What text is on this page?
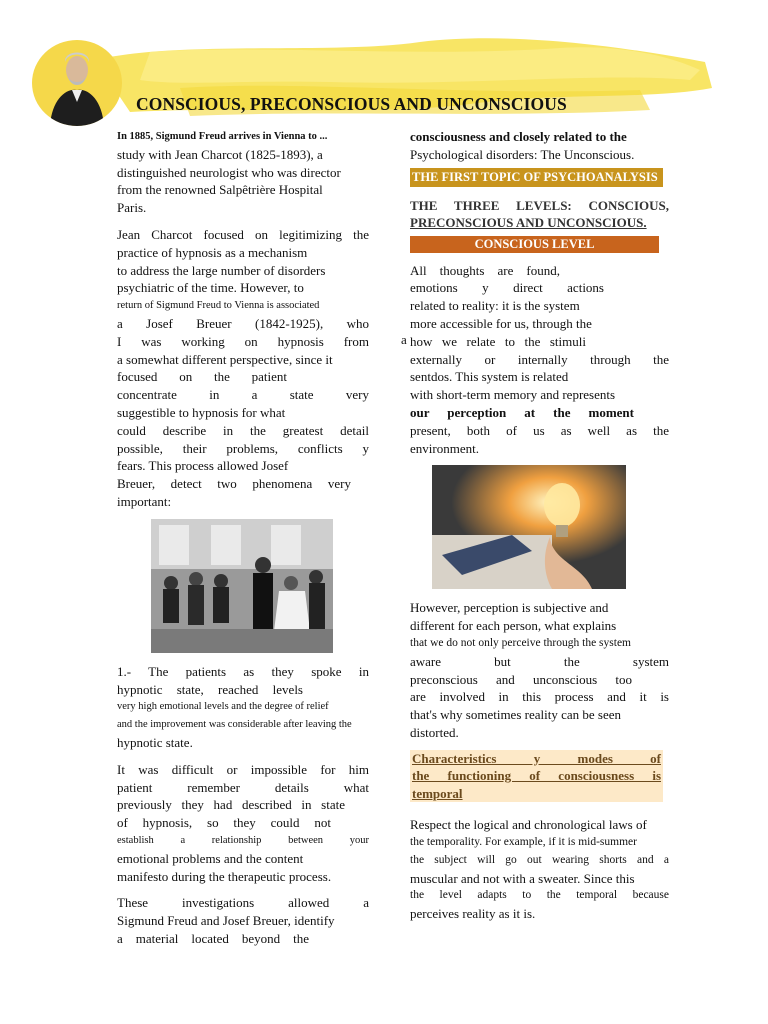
CONSCIOUS, PRECONSCIOUS AND UNCONSCIOUS

In 1885, Sigmund Freud arrives in Vienna to ...

study with Jean Charcot (1825-1893), a

distinguished neurologist who was director

from the renowned Salpêtrière Hospital

Paris.

Jean Charcot focused on legitimizing the

practice of hypnosis as a mechanism

to address the large number of disorders

psychiatric of the time. However, to

return of Sigmund Freud to Vienna is associated

a Josef Breuer (1842-1925), who

I was working on hypnosis from

a somewhat different perspective, since it

focused on the patient

concentrate in a state very

suggestible to hypnosis for what

could describe in the greatest detail

possible, their problems, conflicts y

fears. This process allowed Josef

Breuer, detect two phenomena very

important:

1.- The patients as they spoke in

hypnotic state, reached levels

very high emotional levels and the degree of relief

and the improvement was considerable after leaving the

hypnotic state.

It was difficult or impossible for him

patient remember details what

previously they had described in state

of hypnosis, so they could not

establish a relationship between your

emotional problems and the content

manifesto during the therapeutic process.

These investigations allowed a

Sigmund Freud and Josef Breuer, identify

a material located beyond the

a

consciousness and closely related to the

Psychological disorders: The Unconscious.

THE FIRST TOPIC OF PSYCHOANALYSIS

THE THREE LEVELS: CONSCIOUS,

PRECONSCIOUS AND UNCONSCIOUS.

CONSCIOUS LEVEL

All thoughts are found,

emotions y direct actions

related to reality: it is the system

more accessible for us, through the

how we relate to the stimuli

externally or internally through the

sentdos. This system is related

with short-term memory and represents

our perception at the moment

present, both of us as well as the

environment.

However, perception is subjective and

different for each person, what explains

that we do not only perceive through the system

aware but the system

preconscious and unconscious too

are involved in this process and it is

that's why sometimes reality can be seen

distorted.

Characteristics y modes of

the functioning of consciousness is

temporal

Respect the logical and chronological laws of

the temporality. For example, if it is mid-summer

the subject will go out wearing shorts and a

muscular and not with a sweater. Since this

the level adapts to the temporal because

perceives reality as it is.
